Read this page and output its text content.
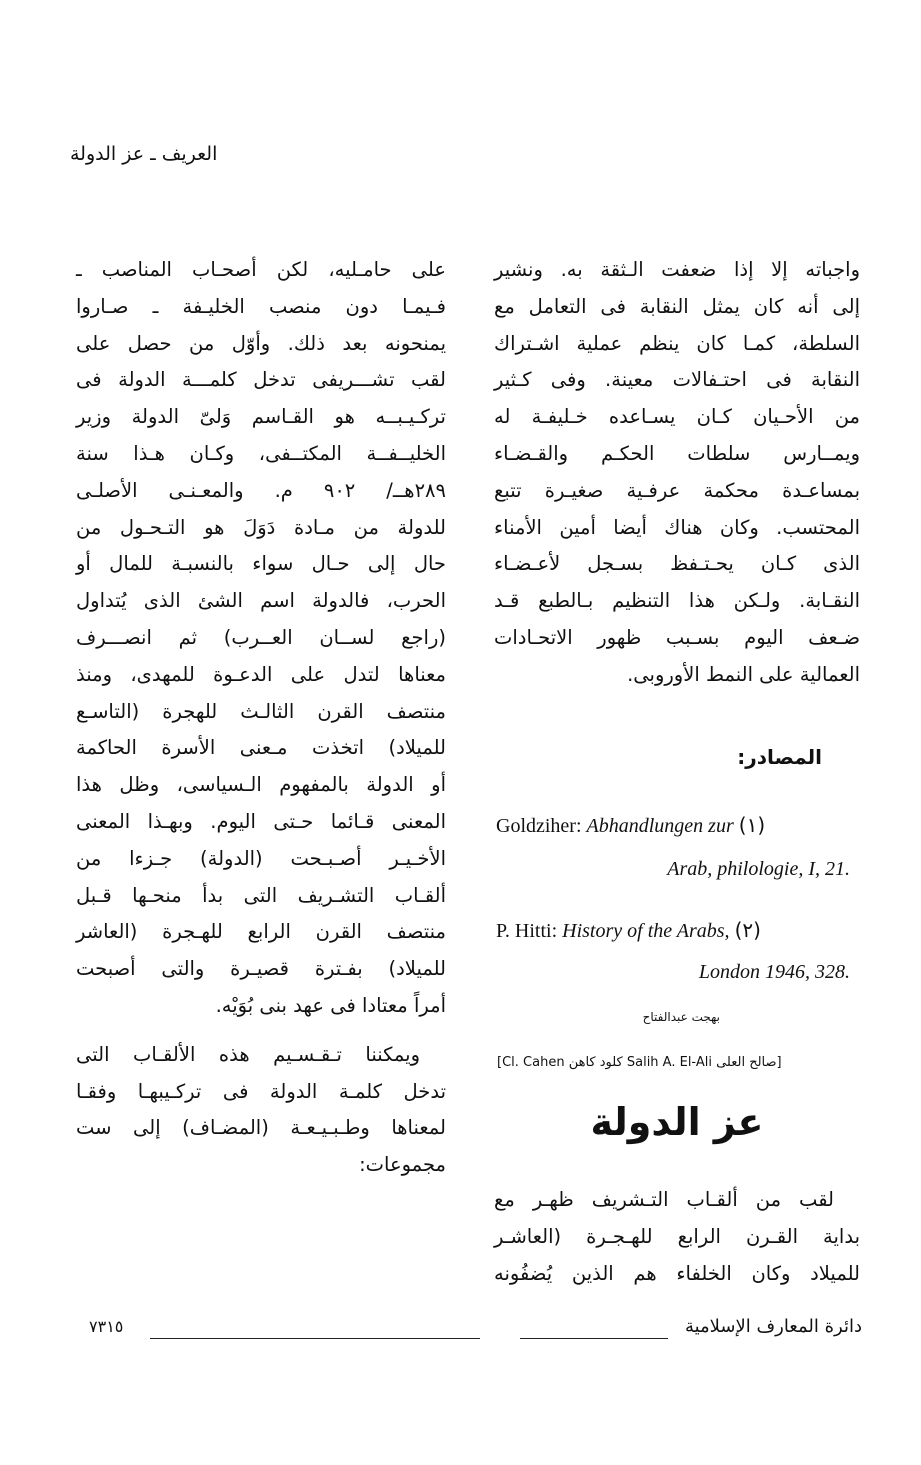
العريف ـ عز الدولة
واجباته إلا إذا ضعفت الـثقة به. ونشير
إلى أنه كان يمثل النقابة فى التعامل مع
السلطة، كمـا كان ينظم عملية اشـتراك
النقابة فى احتـفالات معينة. وفى كـثير
من الأحـيان كـان يسـاعده خـليفـة له
ويمــارس سلطات الحكـم والقـضـاء
بمساعـدة محكمة عرفـية صغيـرة تتبع
المحتسب. وكان هناك أيضا أمين الأمناء
الذى كـان يحـتـفظ بسـجل لأعـضـاء
النقـابة. ولـكن هذا التنظيم بـالطبع قـد
ضـعف اليوم بسـبب ظهور الاتحـادات
العمالية على النمط الأوروبى.
المصادر:
Goldziher: Abhandlungen zur (١)
Arab, philologie, I, 21.
P. Hitti: History of the Arabs, (٢)
London 1946, 328.
بهجت عبدالفتاح
[صالح العلى Salih A. El-Ali كلود كاهن Cl. Cahen]
عز الدولة
لقب من ألقـاب التـشريف ظهـر مع
بداية القـرن الرابع للهـجـرة (العاشـر
للميلاد وكان الخلفاء هم الذين يُضفُونه
على حامـليه، لكن أصحـاب المناصب ـ
فـيمـا دون منصب الخليـفة ـ صـاروا
يمنحونه بعد ذلك. وأوّل من حصل على
لقب تشـــريفى تدخل كلمـــة الدولة فى
تركـيـبــه هو القـاسم وَلىّ الدولة وزير
الخليــفــة المكتــفى، وكـان هـذا سنة
٢٨٩هــ/ ٩٠٢ م. والمعـنـى الأصلـى
للدولة من مـادة دَوَلَ هو التـحـول من
حال إلى حـال سواء بالنسبـة للمال أو
الحرب، فالدولة اسم الشئ الذى يُتداول
(راجع لســان العــرب) ثم انصـــرف
معناها لتدل على الدعـوة للمهدى، ومنذ
منتصف القرن الثالـث للهجرة (التاسـع
للميلاد) اتخذت مـعنى الأسرة الحاكمة
أو الدولة بالمفهوم الـسياسى، وظل هذا
المعنى قـائما حـتى اليوم. وبهـذا المعنى
الأخـيـر أصـبـحت (الدولة) جـزءا من
ألقـاب التشـريف التى بدأ منحـها قـبل
منتصف القرن الرابع للهـجرة (العاشر
للميلاد) بفـترة قصيـرة والتى أصبحت
أمراً معتادا فى عهد بنى بُوَيْه.
ويمكننا تـقـسـيم هذه الألقـاب التى
تدخل كلمـة الدولة فى تركـيبهـا وفقـا
لمعناها وطـبـيـعـة (المضـاف) إلى ست
مجموعات:
٧٣١٥	دائرة المعارف الإسلامية
